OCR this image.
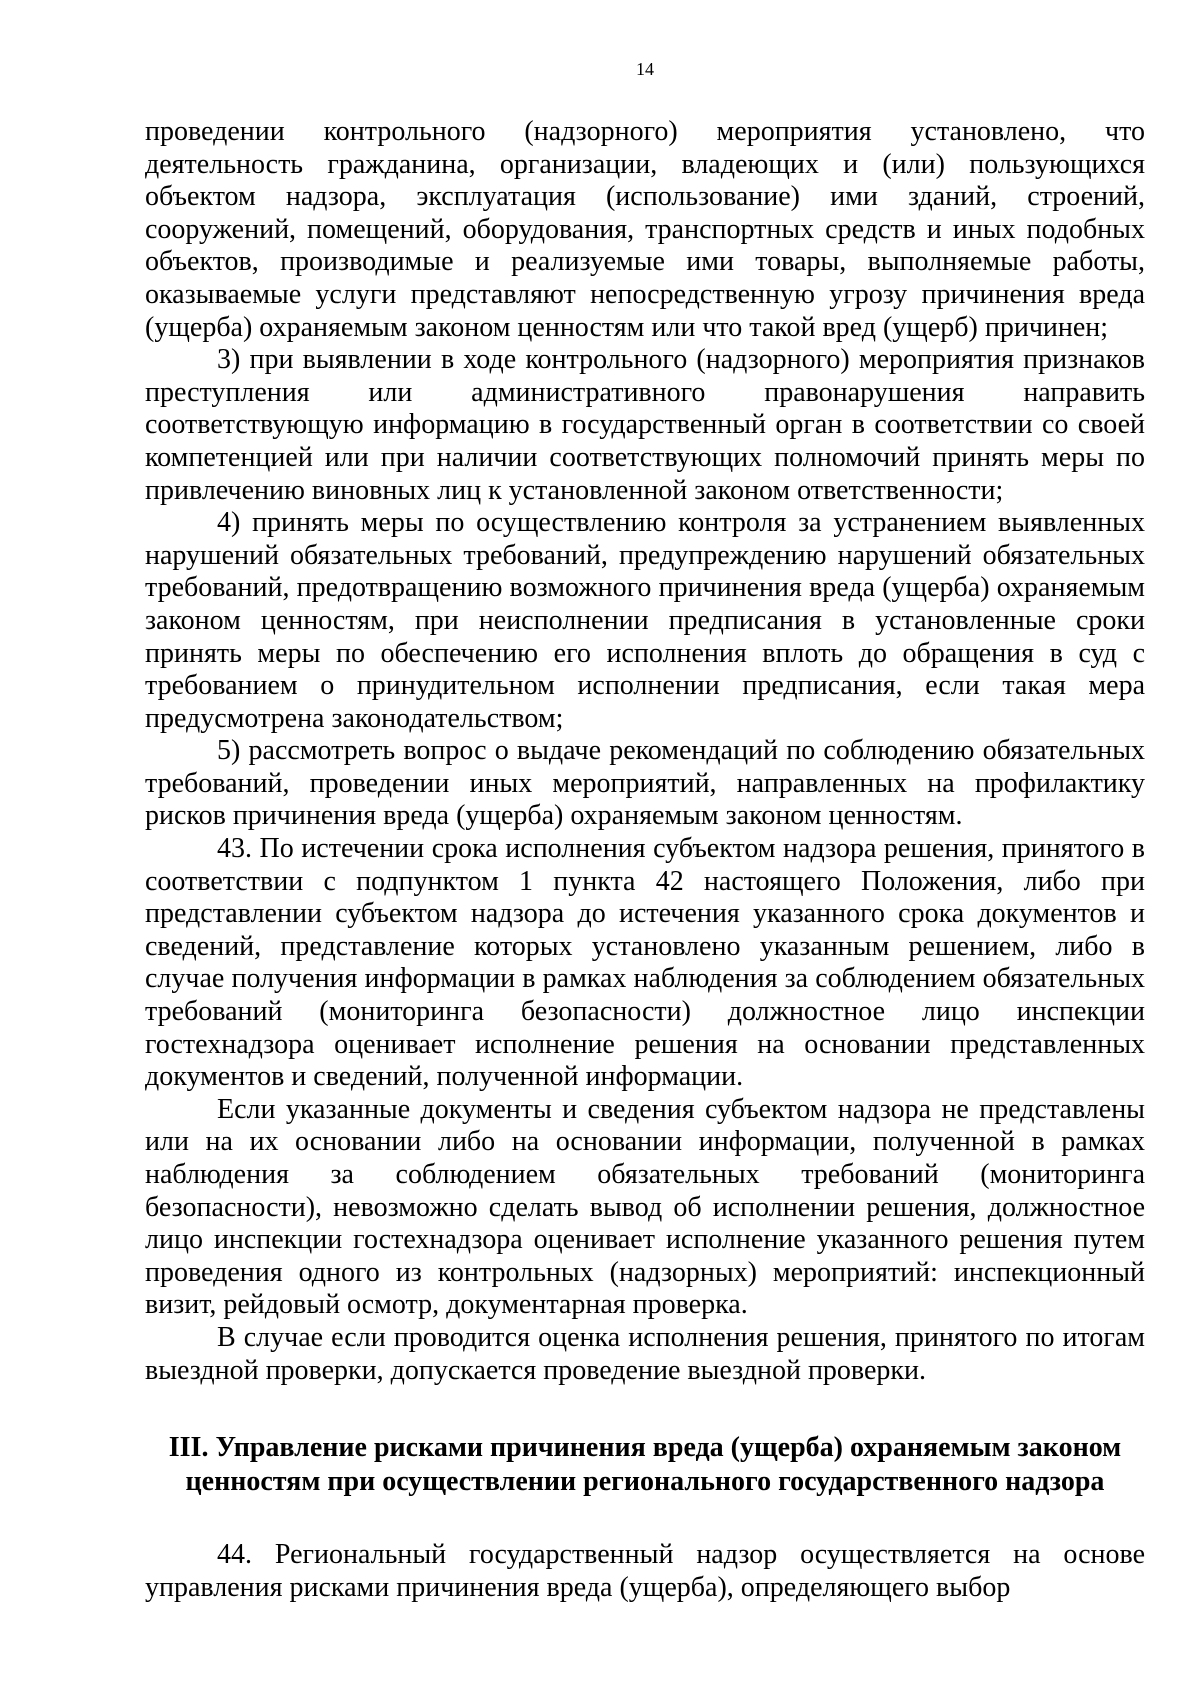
14

проведении контрольного (надзорного) мероприятия установлено, что деятельность гражданина, организации, владеющих и (или) пользующихся объектом надзора, эксплуатация (использование) ими зданий, строений, сооружений, помещений, оборудования, транспортных средств и иных подобных объектов, производимые и реализуемые ими товары, выполняемые работы, оказываемые услуги представляют непосредственную угрозу причинения вреда (ущерба) охраняемым законом ценностям или что такой вред (ущерб) причинен;

3) при выявлении в ходе контрольного (надзорного) мероприятия признаков преступления или административного правонарушения направить соответствующую информацию в государственный орган в соответствии со своей компетенцией или при наличии соответствующих полномочий принять меры по привлечению виновных лиц к установленной законом ответственности;

4) принять меры по осуществлению контроля за устранением выявленных нарушений обязательных требований, предупреждению нарушений обязательных требований, предотвращению возможного причинения вреда (ущерба) охраняемым законом ценностям, при неисполнении предписания в установленные сроки принять меры по обеспечению его исполнения вплоть до обращения в суд с требованием о принудительном исполнении предписания, если такая мера предусмотрена законодательством;

5) рассмотреть вопрос о выдаче рекомендаций по соблюдению обязательных требований, проведении иных мероприятий, направленных на профилактику рисков причинения вреда (ущерба) охраняемым законом ценностям.

43. По истечении срока исполнения субъектом надзора решения, принятого в соответствии с подпунктом 1 пункта 42 настоящего Положения, либо при представлении субъектом надзора до истечения указанного срока документов и сведений, представление которых установлено указанным решением, либо в случае получения информации в рамках наблюдения за соблюдением обязательных требований (мониторинга безопасности) должностное лицо инспекции гостехнадзора оценивает исполнение решения на основании представленных документов и сведений, полученной информации.

Если указанные документы и сведения субъектом надзора не представлены или на их основании либо на основании информации, полученной в рамках наблюдения за соблюдением обязательных требований (мониторинга безопасности), невозможно сделать вывод об исполнении решения, должностное лицо инспекции гостехнадзора оценивает исполнение указанного решения путем проведения одного из контрольных (надзорных) мероприятий: инспекционный визит, рейдовый осмотр, документарная проверка.

В случае если проводится оценка исполнения решения, принятого по итогам выездной проверки, допускается проведение выездной проверки.

III. Управление рисками причинения вреда (ущерба) охраняемым законом
ценностям при осуществлении регионального государственного надзора

44. Региональный государственный надзор осуществляется на основе управления рисками причинения вреда (ущерба), определяющего выбор
